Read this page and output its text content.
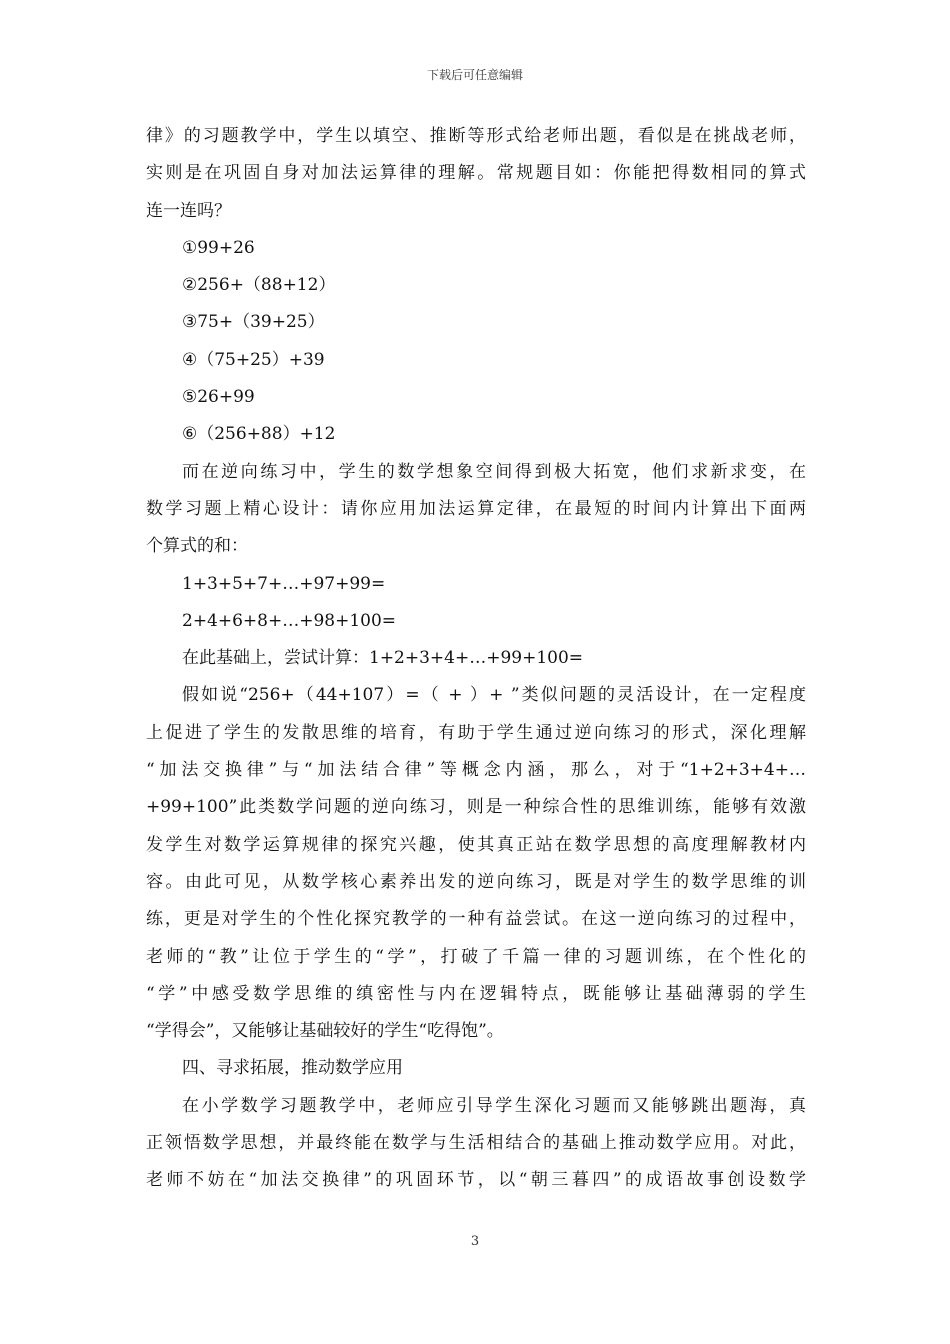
下载后可任意编辑
律》的习题教学中，学生以填空、推断等形式给老师出题，看似是在挑战老师，
实则是在巩固自身对加法运算律的理解。常规题目如：你能把得数相同的算式
连一连吗？
①99+26
②256+（88+12）
③75+（39+25）
④（75+25）+39
⑤26+99
⑥（256+88）+12
而在逆向练习中，学生的数学想象空间得到极大拓宽，他们求新求变，在
数学习题上精心设计：请你应用加法运算定律，在最短的时间内计算出下面两
个算式的和：
1+3+5+7+…+97+99=
2+4+6+8+…+98+100=
在此基础上，尝试计算：1+2+3+4+…+99+100=
假如说“256+（44+107）=（ + ）+ ”类似问题的灵活设计，在一定程度
上促进了学生的发散思维的培育，有助于学生通过逆向练习的形式，深化理解
“加法交换律”与“加法结合律”等概念内涵，那么，对于“1+2+3+4+…
+99+100”此类数学问题的逆向练习，则是一种综合性的思维训练，能够有效激
发学生对数学运算规律的探究兴趣，使其真正站在数学思想的高度理解教材内
容。由此可见，从数学核心素养出发的逆向练习，既是对学生的数学思维的训
练，更是对学生的个性化探究教学的一种有益尝试。在这一逆向练习的过程中，
老师的“教”让位于学生的“学”，打破了千篇一律的习题训练，在个性化的
“学”中感受数学思维的缜密性与内在逻辑特点，既能够让基础薄弱的学生
“学得会”，又能够让基础较好的学生“吃得饱”。
四、寻求拓展，推动数学应用
在小学数学习题教学中，老师应引导学生深化习题而又能够跳出题海，真
正领悟数学思想，并最终能在数学与生活相结合的基础上推动数学应用。对此，
老师不妨在“加法交换律”的巩固环节，以“朝三暮四”的成语故事创设数学
3
